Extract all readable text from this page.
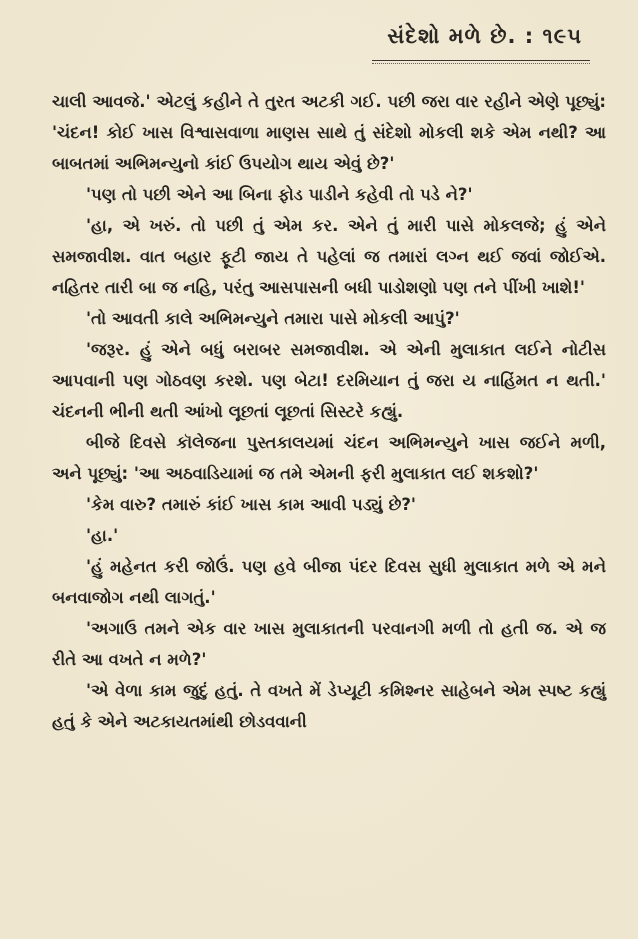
સંદેશો મળે છે. : ૧૯૫

ચાલી આવજે.' એટલું કહીને તે તુરત અટકી ગઈ. પછી જરા વાર રહીને એણે પૂછ્યું: 'ચંદન! કોઈ ખાસ વિશ્વાસવાળા માણસ સાથે તું સંદેશો મોકલી શકે એમ નથી? આ બાબતમાં અભિમન્યુનો કાંઈ ઉપયોગ થાય એવું છે?'

'પણ તો પછી એને આ બિના ફોડ પાડીને કહેવી તો પડે ને?'

'હા, એ ખરું. તો પછી તું એમ કર. એને તું મારી પાસે મોકલજે; હું એને સમજાવીશ. વાત બહાર ફૂટી જાય તે પહેલાં જ તમારાં લગ્ન થઈ જવાં જોઈએ. નહિતર તારી બા જ નહિ, પરંતુ આસપાસની બધી પાડોશણો પણ તને પીંખી ખાશે!'

'તો આવતી કાલે અભિમન્યુને તમારા પાસે મોકલી આપું?'

'જરૂર. હું એને બધું બરાબર સમજાવીશ. એ એની મુલાકાત લઈને નોટીસ આપવાની પણ ગોઠવણ કરશે. પણ બેટા! દરમિયાન તું જરા ય નાહિંમત ન થતી.' ચંદનની ભીની થતી આંખો લૂછતાં લૂછતાં સિસ્ટરે કહ્યું.

બીજે દિવસે કૉલેજના પુસ્તકાલયમાં ચંદન અભિમન્યુને ખાસ જઈને મળી, અને પૂછ્યું: 'આ અઠવાડિયામાં જ તમે એમની ફરી મુલાકાત લઈ શકશો?'

'કેમ વારુ? તમારું કાંઈ ખાસ કામ આવી પડ્યું છે?'

'હા.'

'હું મહેનત કરી જોઉં. પણ હવે બીજા પંદર દિવસ સુધી મુલાકાત મળે એ મને બનવાજોગ નથી લાગતું.'

'અગાઉ તમને એક વાર ખાસ મુલાકાતની પરવાનગી મળી તો હતી જ. એ જ રીતે આ વખતે ન મળે?'

'એ વેળા કામ જુદું હતું. તે વખતે મેં ડેપ્યૂટી કમિશ્નર સાહેબને એમ સ્પષ્ટ કહ્યું હતું કે એને અટકાયતમાંથી છોડવવાની
